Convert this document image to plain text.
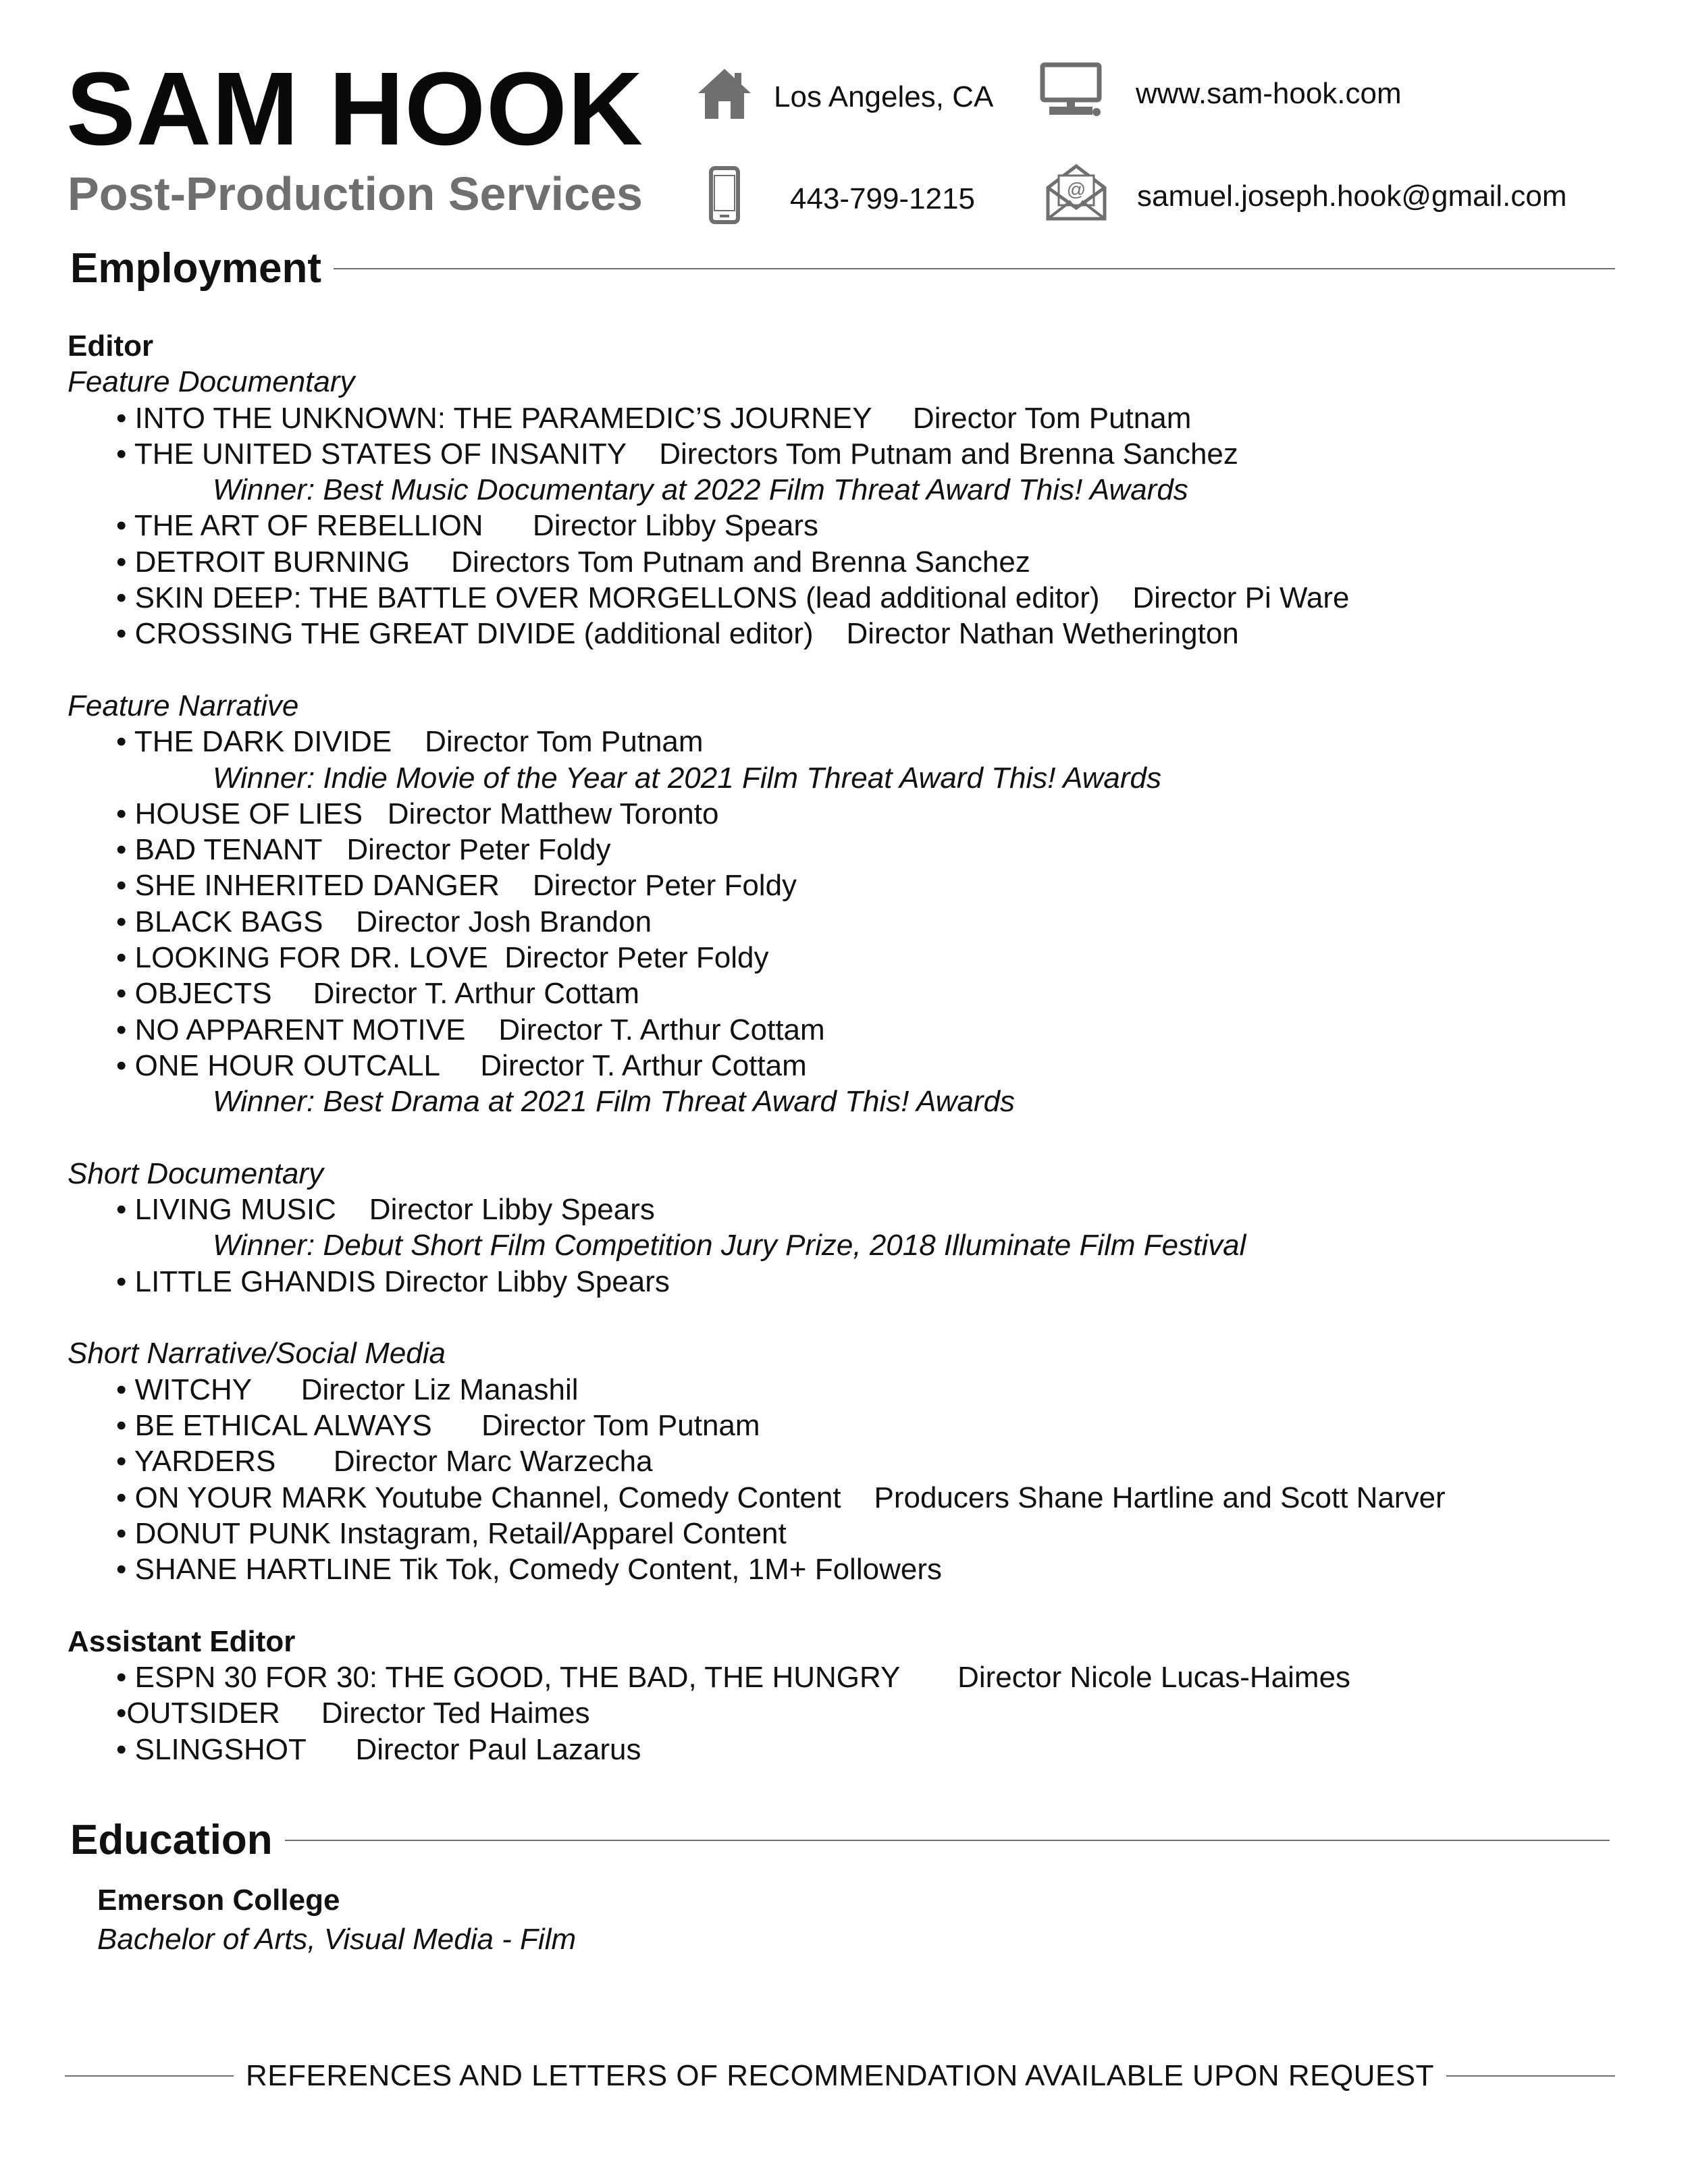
SAM HOOK
Post-Production Services
Los Angeles, CA	www.sam-hook.com
443-799-1215	@ samuel.joseph.hook@gmail.com
Employment
Editor
Feature Documentary
• INTO THE UNKNOWN: THE PARAMEDIC’S JOURNEY     Director Tom Putnam
• THE UNITED STATES OF INSANITY    Directors Tom Putnam and Brenna Sanchez
Winner: Best Music Documentary at 2022 Film Threat Award This! Awards
• THE ART OF REBELLION      Director Libby Spears
• DETROIT BURNING     Directors Tom Putnam and Brenna Sanchez
• SKIN DEEP: THE BATTLE OVER MORGELLONS (lead additional editor)    Director Pi Ware
• CROSSING THE GREAT DIVIDE (additional editor)    Director Nathan Wetherington
Feature Narrative
• THE DARK DIVIDE    Director Tom Putnam
Winner: Indie Movie of the Year at 2021 Film Threat Award This! Awards
• HOUSE OF LIES   Director Matthew Toronto
• BAD TENANT   Director Peter Foldy
• SHE INHERITED DANGER    Director Peter Foldy
• BLACK BAGS    Director Josh Brandon
• LOOKING FOR DR. LOVE  Director Peter Foldy
• OBJECTS     Director T. Arthur Cottam
• NO APPARENT MOTIVE    Director T. Arthur Cottam
• ONE HOUR OUTCALL     Director T. Arthur Cottam
Winner: Best Drama at 2021 Film Threat Award This! Awards
Short Documentary
• LIVING MUSIC    Director Libby Spears
Winner: Debut Short Film Competition Jury Prize, 2018 Illuminate Film Festival
• LITTLE GHANDIS Director Libby Spears
Short Narrative/Social Media
• WITCHY      Director Liz Manashil
• BE ETHICAL ALWAYS      Director Tom Putnam
• YARDERS       Director Marc Warzecha
• ON YOUR MARK Youtube Channel, Comedy Content    Producers Shane Hartline and Scott Narver
• DONUT PUNK Instagram, Retail/Apparel Content
• SHANE HARTLINE Tik Tok, Comedy Content, 1M+ Followers
Assistant Editor
• ESPN 30 FOR 30: THE GOOD, THE BAD, THE HUNGRY       Director Nicole Lucas-Haimes
•OUTSIDER     Director Ted Haimes
• SLINGSHOT      Director Paul Lazarus
Education
Emerson College
Bachelor of Arts, Visual Media - Film
REFERENCES AND LETTERS OF RECOMMENDATION AVAILABLE UPON REQUEST
